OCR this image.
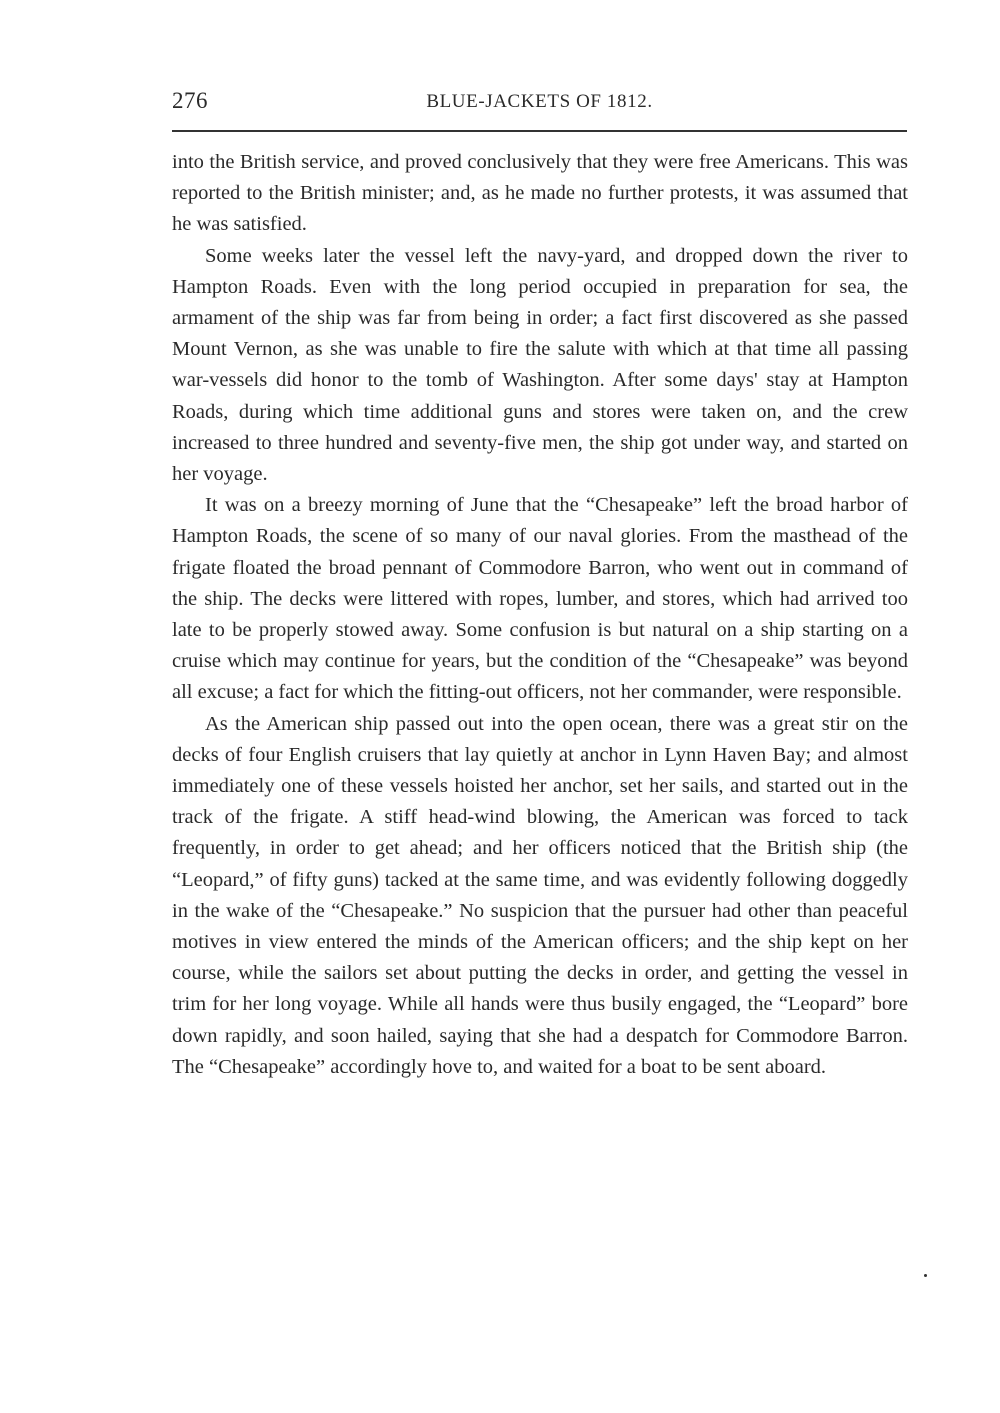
276	BLUE-JACKETS OF 1812.

into the British service, and proved conclusively that they were free Americans. This was reported to the British minister; and, as he made no further protests, it was assumed that he was satisfied.

Some weeks later the vessel left the navy-yard, and dropped down the river to Hampton Roads. Even with the long period occupied in preparation for sea, the armament of the ship was far from being in order; a fact first discovered as she passed Mount Vernon, as she was unable to fire the salute with which at that time all passing war-vessels did honor to the tomb of Washington. After some days' stay at Hampton Roads, during which time additional guns and stores were taken on, and the crew increased to three hundred and seventy-five men, the ship got under way, and started on her voyage.

It was on a breezy morning of June that the “Chesapeake” left the broad harbor of Hampton Roads, the scene of so many of our naval glories. From the masthead of the frigate floated the broad pennant of Commodore Barron, who went out in command of the ship. The decks were littered with ropes, lumber, and stores, which had arrived too late to be properly stowed away. Some confusion is but natural on a ship starting on a cruise which may continue for years, but the condition of the “Chesapeake” was beyond all excuse; a fact for which the fitting-out officers, not her commander, were responsible.

As the American ship passed out into the open ocean, there was a great stir on the decks of four English cruisers that lay quietly at anchor in Lynn Haven Bay; and almost immediately one of these vessels hoisted her anchor, set her sails, and started out in the track of the frigate. A stiff head-wind blowing, the American was forced to tack frequently, in order to get ahead; and her officers noticed that the British ship (the “Leopard,” of fifty guns) tacked at the same time, and was evidently following doggedly in the wake of the “Chesapeake.” No suspicion that the pursuer had other than peaceful motives in view entered the minds of the American officers; and the ship kept on her course, while the sailors set about putting the decks in order, and getting the vessel in trim for her long voyage. While all hands were thus busily engaged, the “Leopard” bore down rapidly, and soon hailed, saying that she had a despatch for Commodore Barron. The “Chesapeake” accordingly hove to, and waited for a boat to be sent aboard.
